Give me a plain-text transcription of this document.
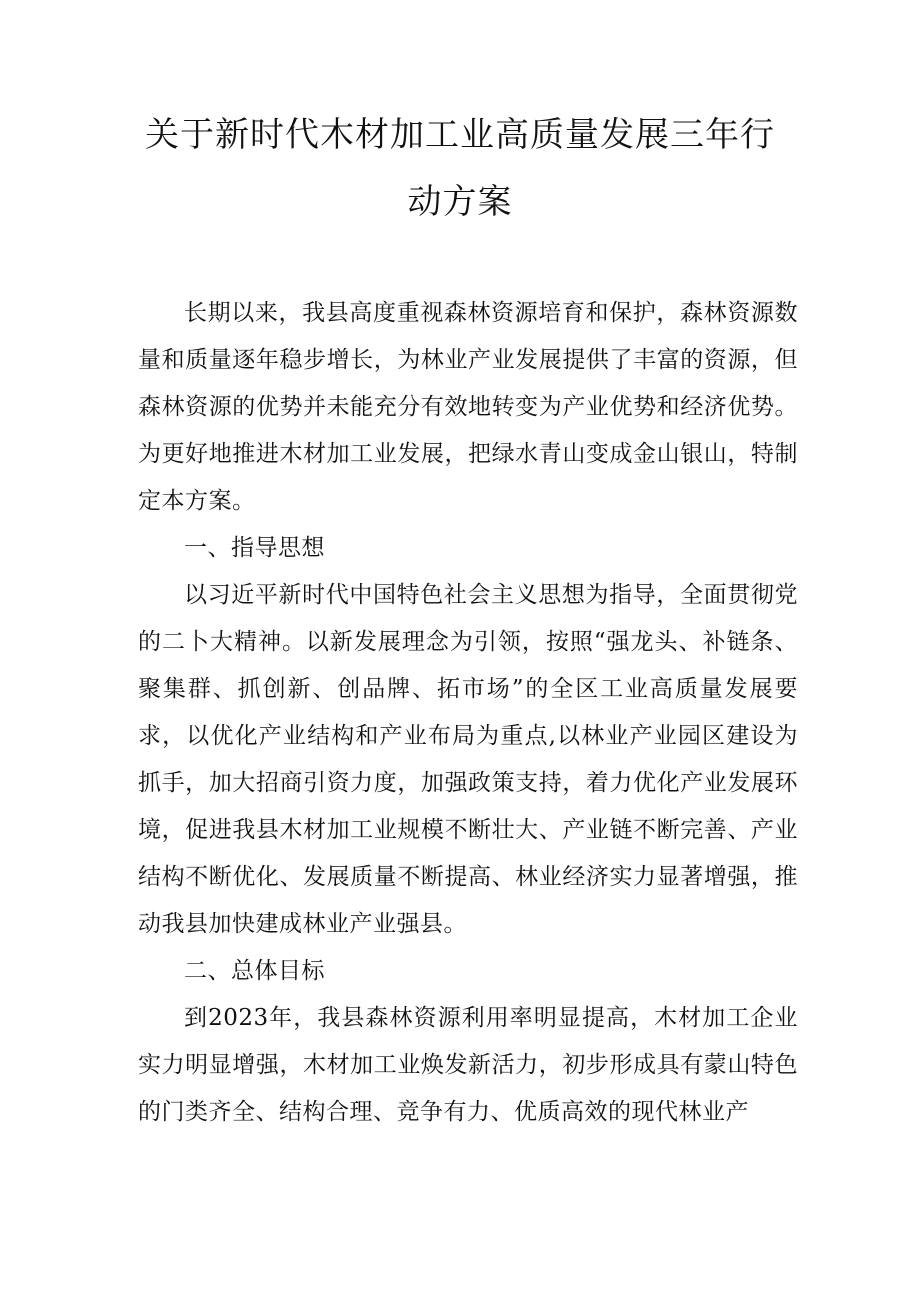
关于新时代木材加工业高质量发展三年行
动方案

长期以来，我县高度重视森林资源培育和保护，森林资源数量和质量逐年稳步增长，为林业产业发展提供了丰富的资源，但森林资源的优势并未能充分有效地转变为产业优势和经济优势。为更好地推进木材加工业发展，把绿水青山变成金山银山，特制定本方案。

一、指导思想

以习近平新时代中国特色社会主义思想为指导，全面贯彻党的二卜大精神。以新发展理念为引领，按照“强龙头、补链条、聚集群、抓创新、创品牌、拓市场”的全区工业高质量发展要求，以优化产业结构和产业布局为重点,以林业产业园区建设为抓手，加大招商引资力度，加强政策支持，着力优化产业发展环境，促进我县木材加工业规模不断壮大、产业链不断完善、产业结构不断优化、发展质量不断提高、林业经济实力显著增强，推动我县加快建成林业产业强县。

二、总体目标

到2023年，我县森林资源利用率明显提高，木材加工企业实力明显增强，木材加工业焕发新活力，初步形成具有蒙山特色的门类齐全、结构合理、竞争有力、优质高效的现代林业产
